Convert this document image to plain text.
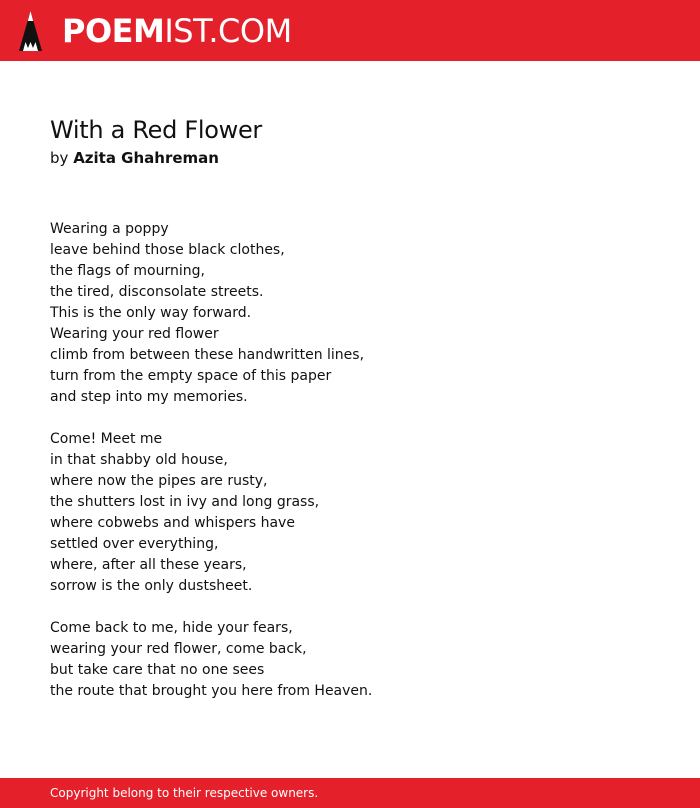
POEMIST.COM
With a Red Flower
by Azita Ghahreman
Wearing a poppy
leave behind those black clothes,
the flags of mourning,
the tired, disconsolate streets.
This is the only way forward.
Wearing your red flower
climb from between these handwritten lines,
turn from the empty space of this paper
and step into my memories.
Come! Meet me
in that shabby old house,
where now the pipes are rusty,
the shutters lost in ivy and long grass,
where cobwebs and whispers have
settled over everything,
where, after all these years,
sorrow is the only dustsheet.
Come back to me, hide your fears,
wearing your red flower, come back,
but take care that no one sees
the route that brought you here from Heaven.
Copyright belong to their respective owners.
